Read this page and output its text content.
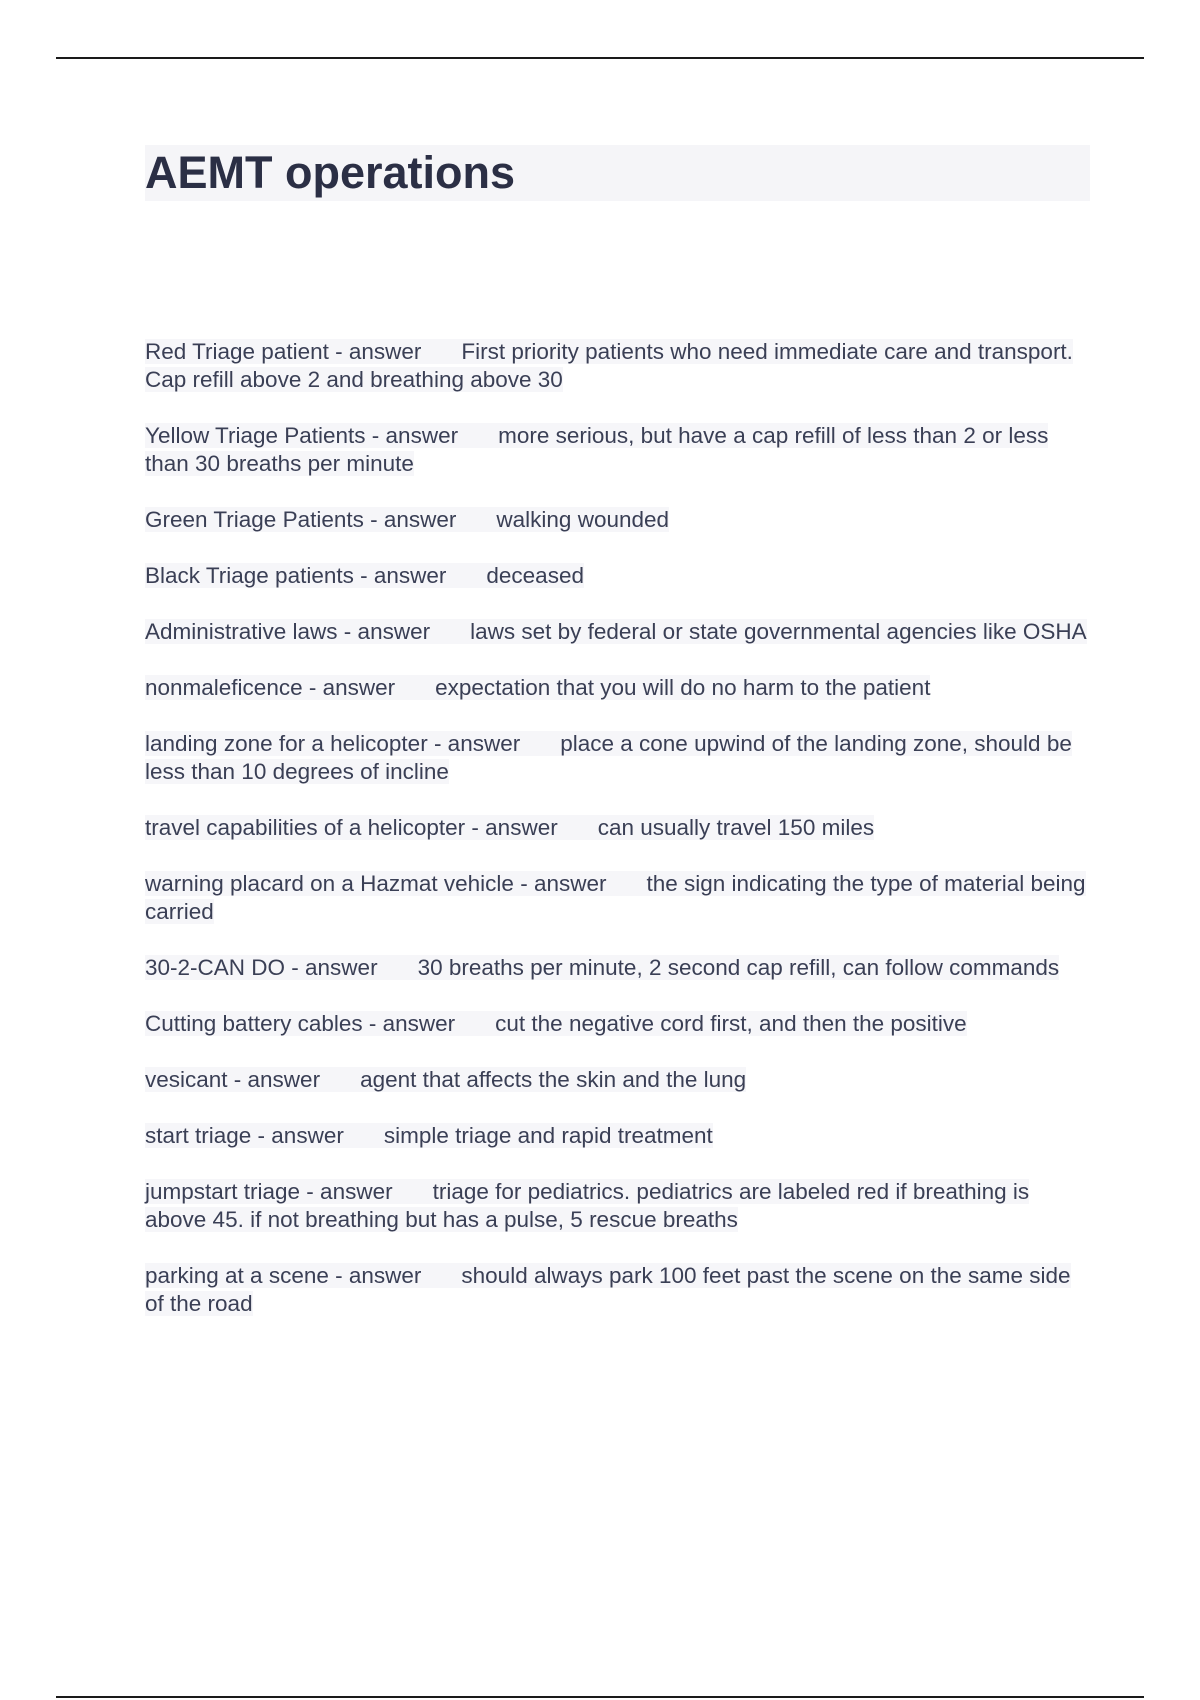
AEMT operations

Red Triage patient - answer First priority patients who need immediate care and transport. Cap refill above 2 and breathing above 30

Yellow Triage Patients - answer more serious, but have a cap refill of less than 2 or less than 30 breaths per minute

Green Triage Patients - answer walking wounded

Black Triage patients - answer deceased

Administrative laws - answer laws set by federal or state governmental agencies like OSHA

nonmaleficence - answer expectation that you will do no harm to the patient

landing zone for a helicopter - answer place a cone upwind of the landing zone, should be less than 10 degrees of incline

travel capabilities of a helicopter - answer can usually travel 150 miles

warning placard on a Hazmat vehicle - answer the sign indicating the type of material being carried

30-2-CAN DO - answer 30 breaths per minute, 2 second cap refill, can follow commands

Cutting battery cables - answer cut the negative cord first, and then the positive

vesicant - answer agent that affects the skin and the lung

start triage - answer simple triage and rapid treatment

jumpstart triage - answer triage for pediatrics. pediatrics are labeled red if breathing is above 45. if not breathing but has a pulse, 5 rescue breaths

parking at a scene - answer should always park 100 feet past the scene on the same side of the road
